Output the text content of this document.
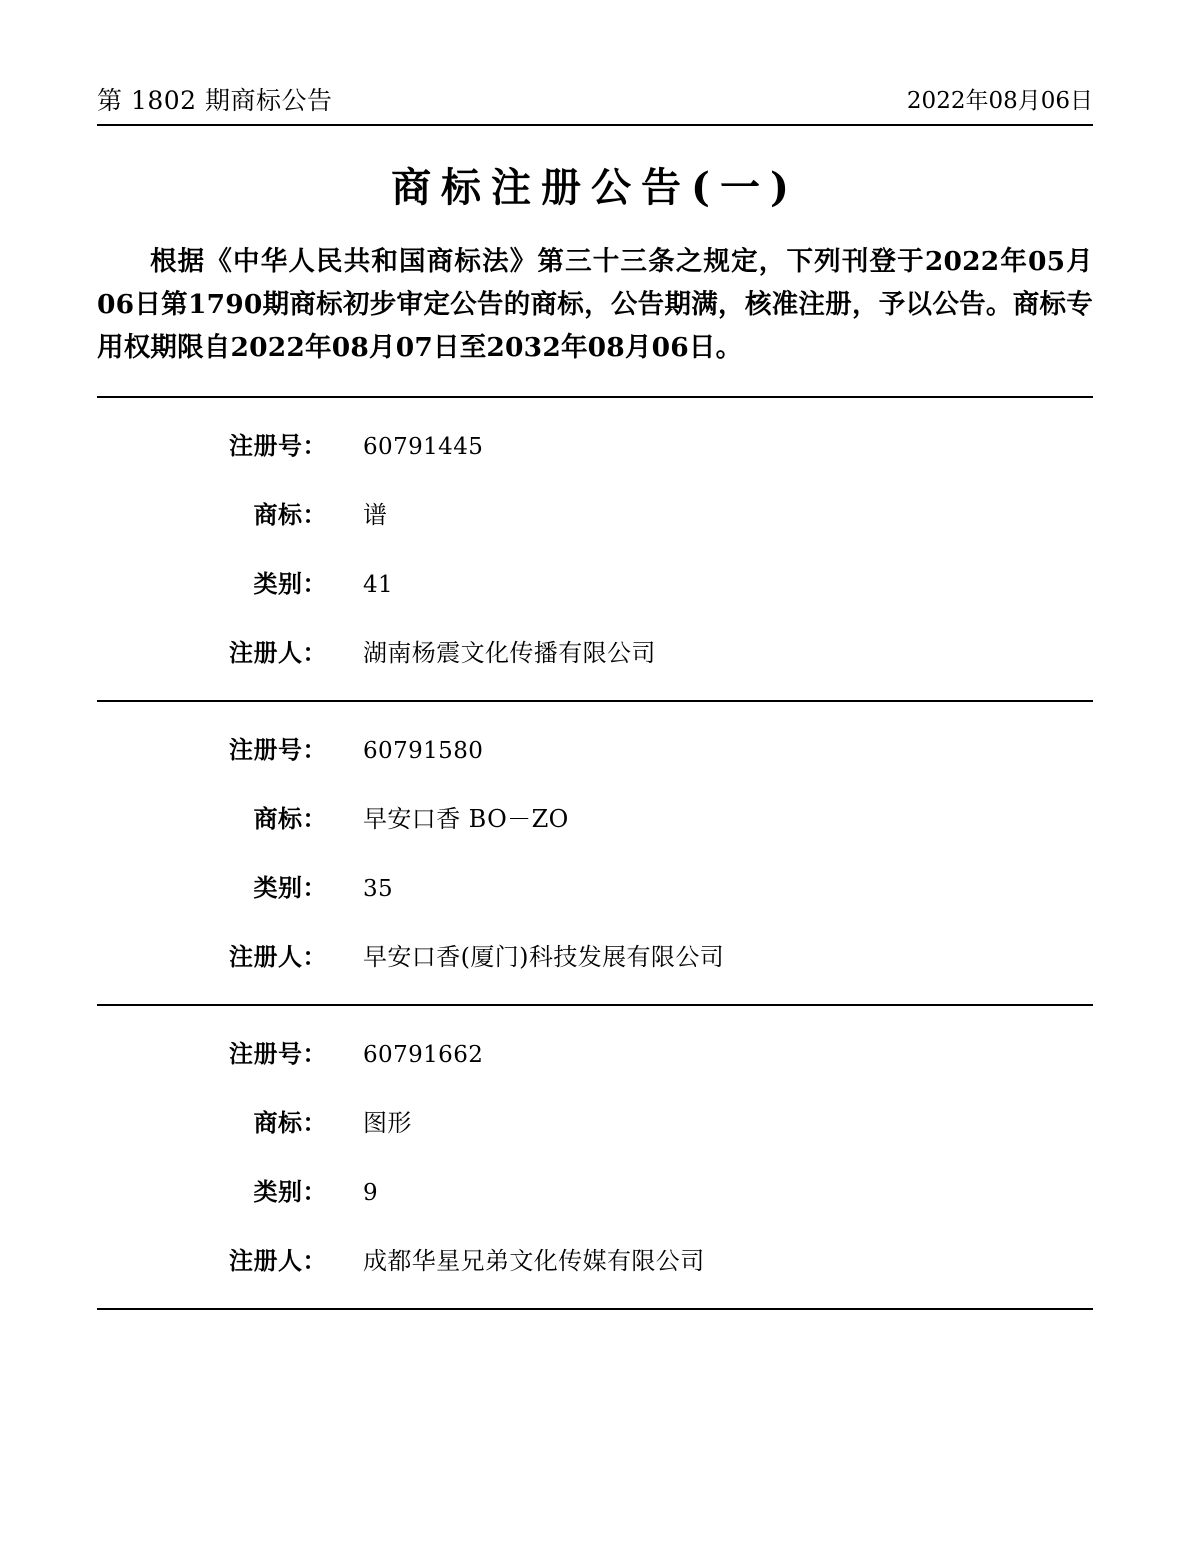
第 1802 期商标公告	2022年08月06日
商标注册公告(一)
根据《中华人民共和国商标法》第三十三条之规定，下列刊登于2022年05月06日第1790期商标初步审定公告的商标，公告期满，核准注册，予以公告。商标专用权期限自2022年08月07日至2032年08月06日。
注册号：	60791445
商标：	谱
类别：	41
注册人：	湖南杨震文化传播有限公司
注册号：	60791580
商标：	早安口香 BO－ZO
类别：	35
注册人：	早安口香(厦门)科技发展有限公司
注册号：	60791662
商标：	图形
类别：	9
注册人：	成都华星兄弟文化传媒有限公司
